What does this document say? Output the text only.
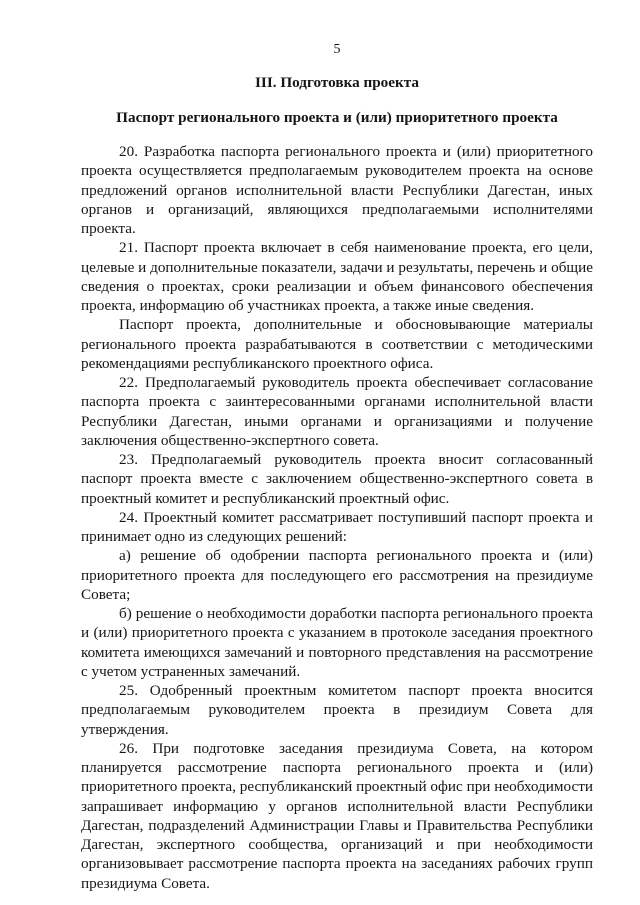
5
III. Подготовка проекта
Паспорт регионального проекта и (или) приоритетного проекта

20. Разработка паспорта регионального проекта и (или) приоритетного проекта осуществляется предполагаемым руководителем проекта на основе предложений органов исполнительной власти Республики Дагестан, иных органов и организаций, являющихся предполагаемыми исполнителями проекта.

21. Паспорт проекта включает в себя наименование проекта, его цели, целевые и дополнительные показатели, задачи и результаты, перечень и общие сведения о проектах, сроки реализации и объем финансового обеспечения проекта, информацию об участниках проекта, а также иные сведения.

Паспорт проекта, дополнительные и обосновывающие материалы регионального проекта разрабатываются в соответствии с методическими рекомендациями республиканского проектного офиса.

22. Предполагаемый руководитель проекта обеспечивает согласование паспорта проекта с заинтересованными органами исполнительной власти Республики Дагестан, иными органами и организациями и получение заключения общественно-экспертного совета.

23. Предполагаемый руководитель проекта вносит согласованный паспорт проекта вместе с заключением общественно-экспертного совета в проектный комитет и республиканский проектный офис.

24. Проектный комитет рассматривает поступивший паспорт проекта и принимает одно из следующих решений:

а) решение об одобрении паспорта регионального проекта и (или) приоритетного проекта для последующего его рассмотрения на президиуме Совета;

б) решение о необходимости доработки паспорта регионального проекта и (или) приоритетного проекта с указанием в протоколе заседания проектного комитета имеющихся замечаний и повторного представления на рассмотрение с учетом устраненных замечаний.

25. Одобренный проектным комитетом паспорт проекта вносится предполагаемым руководителем проекта в президиум Совета для утверждения.

26. При подготовке заседания президиума Совета, на котором планируется рассмотрение паспорта регионального проекта и (или) приоритетного проекта, республиканский проектный офис при необходимости запрашивает информацию у органов исполнительной власти Республики Дагестан, подразделений Администрации Главы и Правительства Республики Дагестан, экспертного сообщества, организаций и при необходимости организовывает рассмотрение паспорта проекта на заседаниях рабочих групп президиума Совета.
